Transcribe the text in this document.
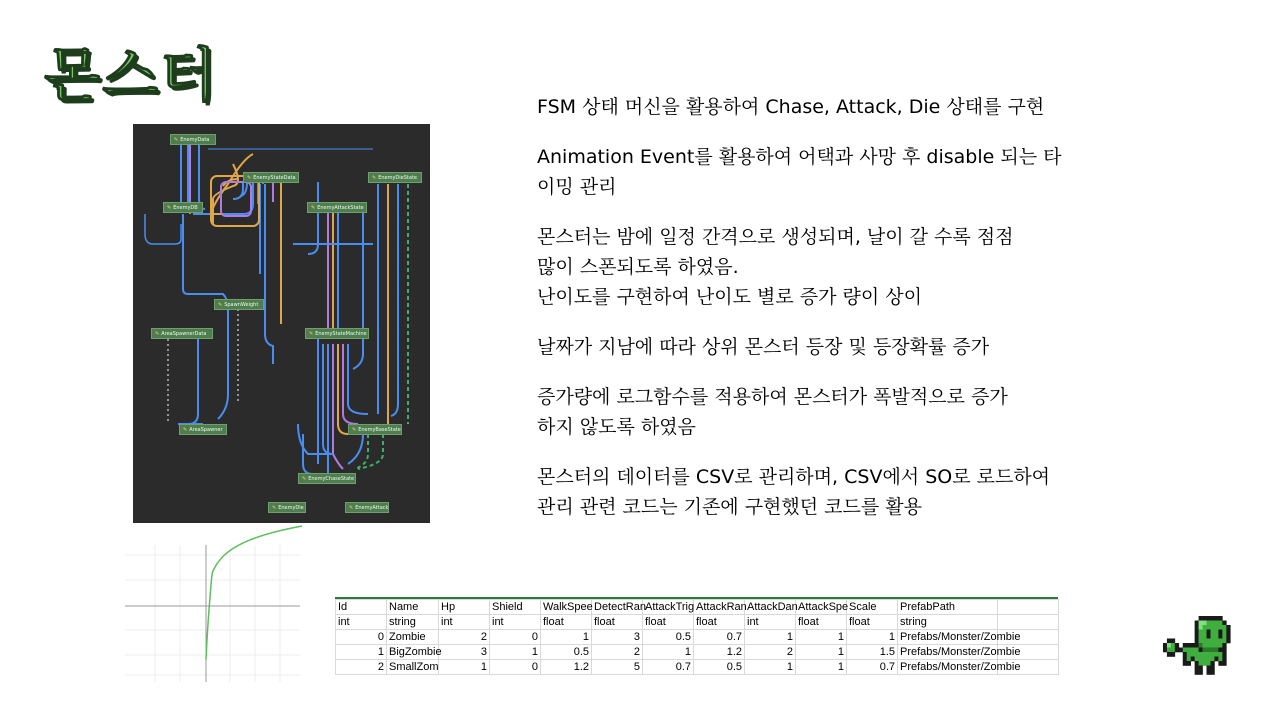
몬스터
✎ EnemyData
✎ EnemyStateData
✎ EnemyDB	✎ EnemyAttackState
✎ EnemyDieState
✎ SpawnWeight
✎ AreaSpawnerData	✎ EnemyStateMachine
✎ AreaSpawner	✎ EnemyBaseState
✎ EnemyChaseState
✎ EnemyDie	✎ EnemyAttack

FSM 상태 머신을 활용하여 Chase, Attack, Die 상태를 구현

Animation Event를 활용하여 어택과 사망 후 disable 되는 타
이밍 관리

몬스터는 밤에 일정 간격으로 생성되며, 날이 갈 수록 점점
많이 스폰되도록 하였음.
난이도를 구현하여 난이도 별로 증가 량이 상이

날짜가 지남에 따라 상위 몬스터 등장 및 등장확률 증가

증가량에 로그함수를 적용하여 몬스터가 폭발적으로 증가
하지 않도록 하였음

몬스터의 데이터를 CSV로 관리하며, CSV에서 SO로 로드하여
관리 관련 코드는 기존에 구현했던 코드를 활용

Id	Name	Hp	Shield	WalkSpee	DetectRan	AttackTrig	AttackRan	AttackDan	AttackSpe	Scale	PrefabPath	
int	string	int	int	float	float	float	float	int	float	float	string	
0	Zombie	2	0	1	3	0.5	0.7	1	1	1	Prefabs/Monster/Zombie	
1	BigZombie	3	1	0.5	2	1	1.2	2	1	1.5	Prefabs/Monster/Zombie	
2	SmallZom	1	0	1.2	5	0.7	0.5	1	1	0.7	Prefabs/Monster/Zombie	
